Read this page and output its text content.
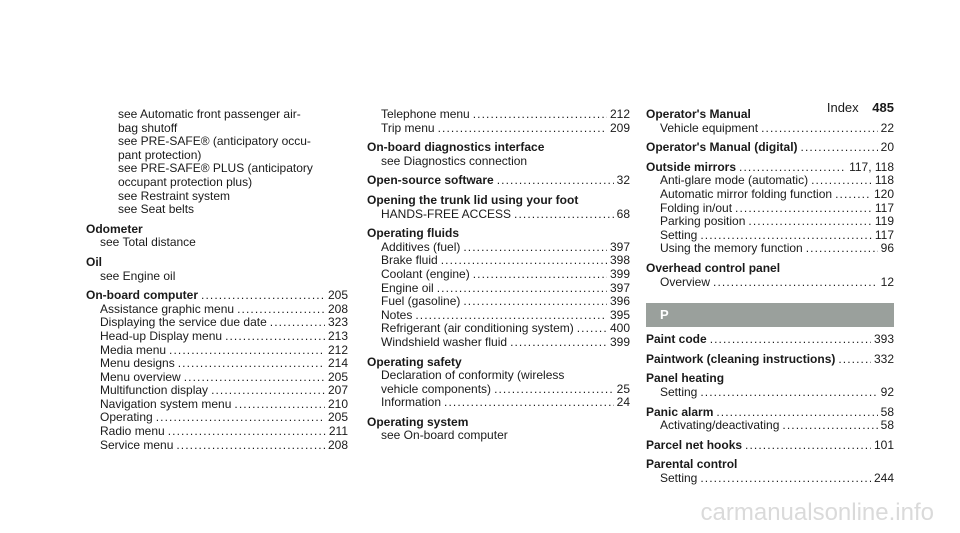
Index 485
see Automatic front passenger air-
bag shutoff
see PRE-SAFE® (anticipatory occu-
pant protection)
see PRE-SAFE® PLUS (anticipatory
occupant protection plus)
see Restraint system
see Seat belts
Odometer
see Total distance
Oil
see Engine oil
On-board computer .....	205
Assistance graphic menu .....	208
Displaying the service due date .....	323
Head-up Display menu .....	213
Media menu .....	212
Menu designs .....	214
Menu overview .....	205
Multifunction display .....	207
Navigation system menu .....	210
Operating .....	205
Radio menu .....	211
Service menu .....	208
Telephone menu .....	212
Trip menu .....	209
On-board diagnostics interface
see Diagnostics connection
Open-source software .....	32
Opening the trunk lid using your foot
HANDS-FREE ACCESS .....	68
Operating fluids
Additives (fuel) .....	397
Brake fluid .....	398
Coolant (engine) .....	399
Engine oil .....	397
Fuel (gasoline) .....	396
Notes .....	395
Refrigerant (air conditioning system) .....	400
Windshield washer fluid .....	399
Operating safety
Declaration of conformity (wireless
vehicle components) .....	25
Information .....	24
Operating system
see On-board computer
Operator's Manual
Vehicle equipment .....	22
Operator's Manual (digital) .....	20
Outside mirrors .....	117, 118
Anti-glare mode (automatic) .....	118
Automatic mirror folding function .....	120
Folding in/out .....	117
Parking position .....	119
Setting .....	117
Using the memory function .....	96
Overhead control panel
Overview .....	12
P
Paint code .....	393
Paintwork (cleaning instructions) .....	332
Panel heating
Setting .....	92
Panic alarm .....	58
Activating/deactivating .....	58
Parcel net hooks .....	101
Parental control
Setting .....	244
carmanualsonline.info
